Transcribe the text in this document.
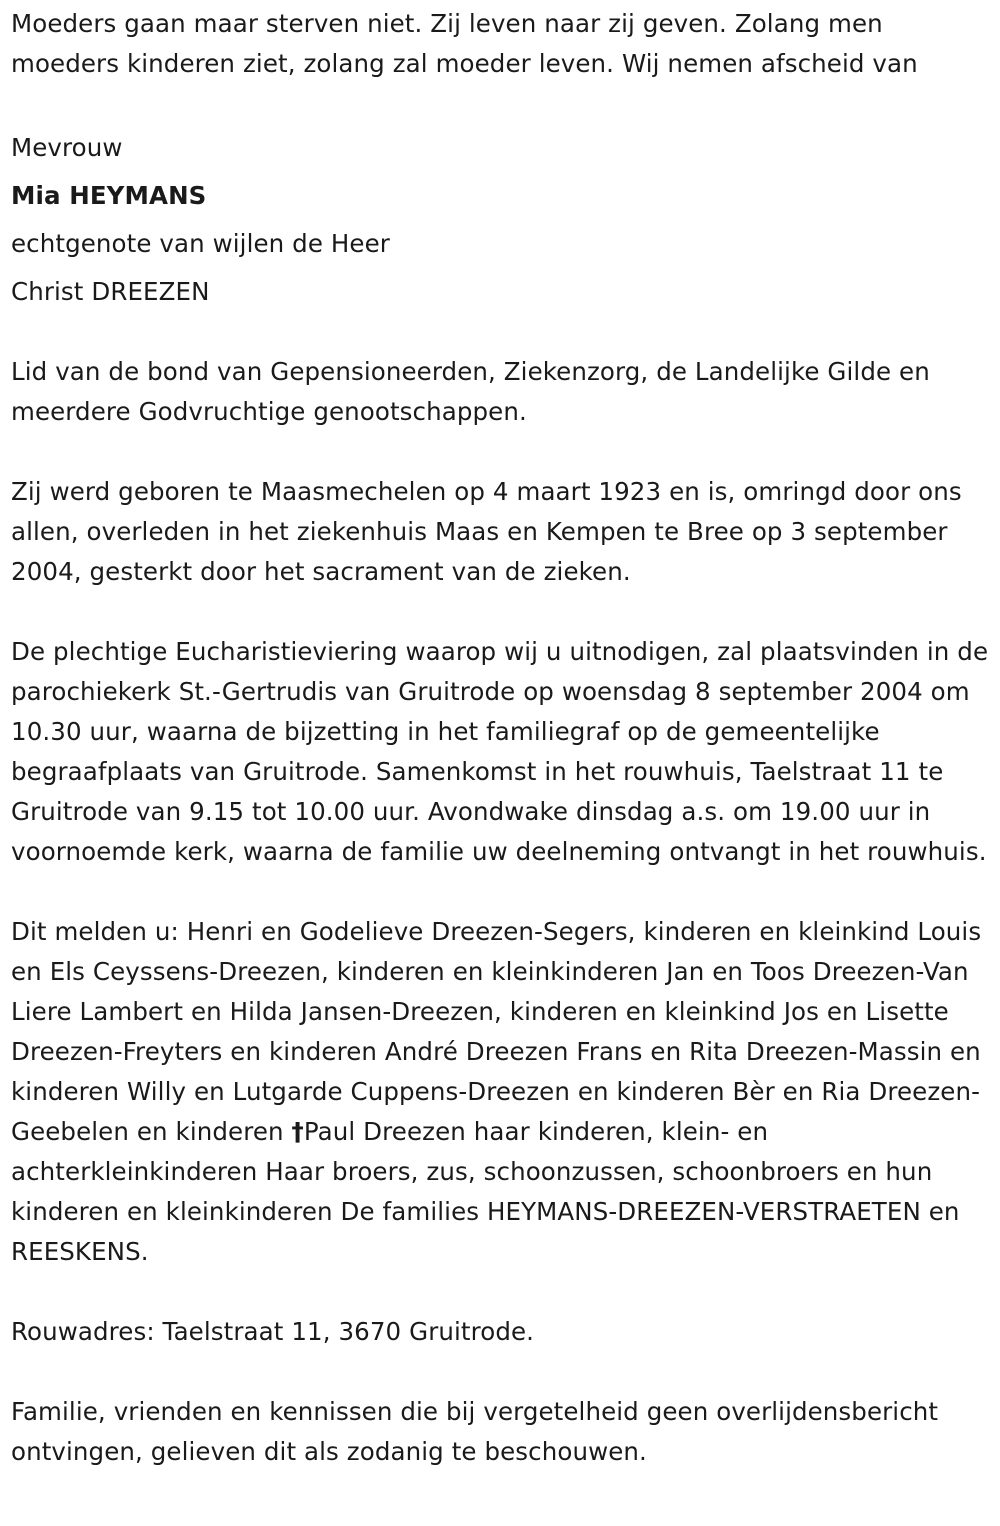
Moeders gaan maar sterven niet. Zij leven naar zij geven. Zolang men moeders kinderen ziet, zolang zal moeder leven. Wij nemen afscheid van

Mevrouw
Mia HEYMANS
echtgenote van wijlen de Heer
Christ DREEZEN

Lid van de bond van Gepensioneerden, Ziekenzorg, de Landelijke Gilde en meerdere Godvruchtige genootschappen.

Zij werd geboren te Maasmechelen op 4 maart 1923 en is, omringd door ons allen, overleden in het ziekenhuis Maas en Kempen te Bree op 3 september 2004, gesterkt door het sacrament van de zieken.

De plechtige Eucharistieviering waarop wij u uitnodigen, zal plaatsvinden in de parochiekerk St.-Gertrudis van Gruitrode op woensdag 8 september 2004 om 10.30 uur, waarna de bijzetting in het familiegraf op de gemeentelijke begraafplaats van Gruitrode. Samenkomst in het rouwhuis, Taelstraat 11 te Gruitrode van 9.15 tot 10.00 uur. Avondwake dinsdag a.s. om 19.00 uur in voornoemde kerk, waarna de familie uw deelneming ontvangt in het rouwhuis.

Dit melden u: Henri en Godelieve Dreezen-Segers, kinderen en kleinkind Louis en Els Ceyssens-Dreezen, kinderen en kleinkinderen Jan en Toos Dreezen-Van Liere Lambert en Hilda Jansen-Dreezen, kinderen en kleinkind Jos en Lisette Dreezen-Freyters en kinderen André Dreezen Frans en Rita Dreezen-Massin en kinderen Willy en Lutgarde Cuppens-Dreezen en kinderen Bèr en Ria Dreezen-Geebelen en kinderen †Paul Dreezen haar kinderen, klein- en achterkleinkinderen Haar broers, zus, schoonzussen, schoonbroers en hun kinderen en kleinkinderen De families HEYMANS-DREEZEN-VERSTRAETEN en REESKENS.

Rouwadres: Taelstraat 11, 3670 Gruitrode.

Familie, vrienden en kennissen die bij vergetelheid geen overlijdensbericht ontvingen, gelieven dit als zodanig te beschouwen.
